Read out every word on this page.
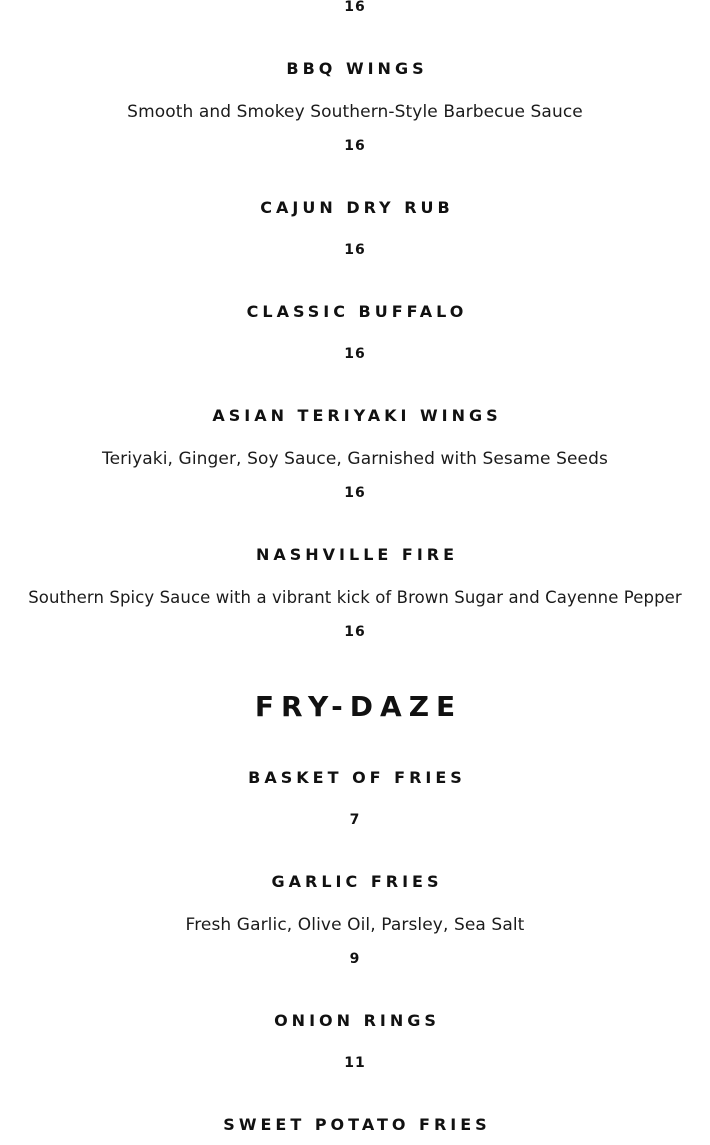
16
BBQ WINGS
Smooth and Smokey Southern-Style Barbecue Sauce
16
CAJUN DRY RUB
16
CLASSIC BUFFALO
16
ASIAN TERIYAKI WINGS
Teriyaki, Ginger, Soy Sauce, Garnished with Sesame Seeds
16
NASHVILLE FIRE
Southern Spicy Sauce with a vibrant kick of Brown Sugar and Cayenne Pepper
16
FRY-DAZE
BASKET OF FRIES
7
GARLIC FRIES
Fresh Garlic, Olive Oil, Parsley, Sea Salt
9
ONION RINGS
11
SWEET POTATO FRIES
